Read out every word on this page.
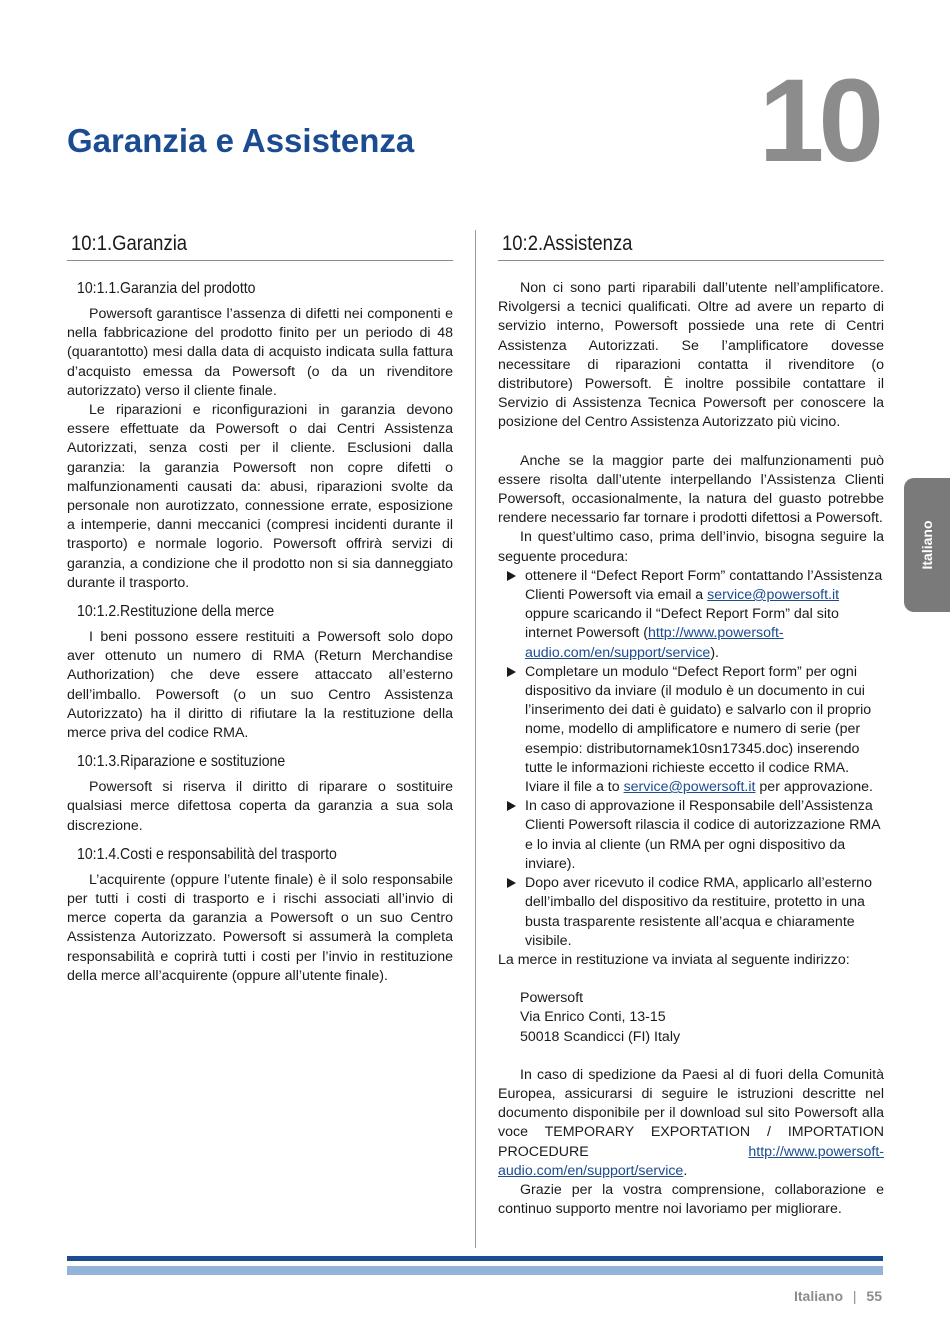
10
Garanzia e Assistenza
10:1.Garanzia
10:1.1.Garanzia del prodotto

Powersoft garantisce l’assenza di difetti nei componenti e nella fabbricazione del prodotto finito per un periodo di 48 (quarantotto) mesi dalla data di acquisto indicata sulla fattura d’acquisto emessa da Powersoft (o da un rivenditore autorizzato) verso il cliente finale.

Le riparazioni e riconfigurazioni in garanzia devono essere effettuate da Powersoft o dai Centri Assistenza Autorizzati, senza costi per il cliente. Esclusioni dalla garanzia: la garanzia Powersoft non copre difetti o malfunzionamenti causati da: abusi, riparazioni svolte da personale non aurotizzato, connessione errate, esposizione a intemperie, danni meccanici (compresi incidenti durante il trasporto) e normale logorio. Powersoft offrirà servizi di garanzia, a condizione che il prodotto non si sia danneggiato durante il trasporto.

10:1.2.Restituzione della merce

I beni possono essere restituiti a Powersoft solo dopo aver ottenuto un numero di RMA (Return Merchandise Authorization) che deve essere attaccato all’esterno dell’imballo. Powersoft (o un suo Centro Assistenza Autorizzato) ha il diritto di rifiutare la la restituzione della merce priva del codice RMA.

10:1.3.Riparazione e sostituzione

Powersoft si riserva il diritto di riparare o sostituire qualsiasi merce difettosa coperta da garanzia a sua sola discrezione.

10:1.4.Costi e responsabilità del trasporto

L’acquirente (oppure l’utente finale) è il solo responsabile per tutti i costi di trasporto e i rischi associati all’invio di merce coperta da garanzia a Powersoft o un suo Centro Assistenza Autorizzato. Powersoft si assumerà la completa responsabilità e coprirà tutti i costi per l’invio in restituzione della merce all’acquirente (oppure all’utente finale).

10:2.Assistenza

Non ci sono parti riparabili dall’utente nell’amplificatore. Rivolgersi a tecnici qualificati. Oltre ad avere un reparto di servizio interno, Powersoft possiede una rete di Centri Assistenza Autorizzati. Se l’amplificatore dovesse necessitare di riparazioni contatta il rivenditore (o distributore) Powersoft. È inoltre possibile contattare il Servizio di Assistenza Tecnica Powersoft per conoscere la posizione del Centro Assistenza Autorizzato più vicino.

Anche se la maggior parte dei malfunzionamenti può essere risolta dall’utente interpellando l’Assistenza Clienti Powersoft, occasionalmente, la natura del guasto potrebbe rendere necessario far tornare i prodotti difettosi a Powersoft.

In quest’ultimo caso, prima dell’invio, bisogna seguire la seguente procedura:

ottenere il “Defect Report Form” contattando l’Assistenza Clienti Powersoft via email a service@powersoft.it oppure scaricando il “Defect Report Form” dal sito internet Powersoft (http://www.powersoft-audio.com/en/support/service).
Completare un modulo “Defect Report form” per ogni dispositivo da inviare (il modulo è un documento in cui l’inserimento dei dati è guidato) e salvarlo con il proprio nome, modello di amplificatore e numero di serie (per esempio: distributornamek10sn17345.doc) inserendo tutte le informazioni richieste eccetto il codice RMA. Iviare il file a to service@powersoft.it per approvazione.
In caso di approvazione il Responsabile dell’Assistenza Clienti Powersoft rilascia il codice di autorizzazione RMA e lo invia al cliente (un RMA per ogni dispositivo da inviare).
Dopo aver ricevuto il codice RMA, applicarlo all’esterno dell’imballo del dispositivo da restituire, protetto in una busta trasparente resistente all’acqua e chiaramente visibile.

La merce in restituzione va inviata al seguente indirizzo:

Powersoft

Via Enrico Conti, 13-15

50018 Scandicci (FI) Italy

In caso di spedizione da Paesi al di fuori della Comunità Europea, assicurarsi di seguire le istruzioni descritte nel documento disponibile per il download sul sito Powersoft alla voce TEMPORARY EXPORTATION / IMPORTATION PROCEDURE http://www.powersoft-audio.com/en/support/service.

Grazie per la vostra comprensione, collaborazione e continuo supporto mentre noi lavoriamo per migliorare.

Italiano
Italiano | 55
